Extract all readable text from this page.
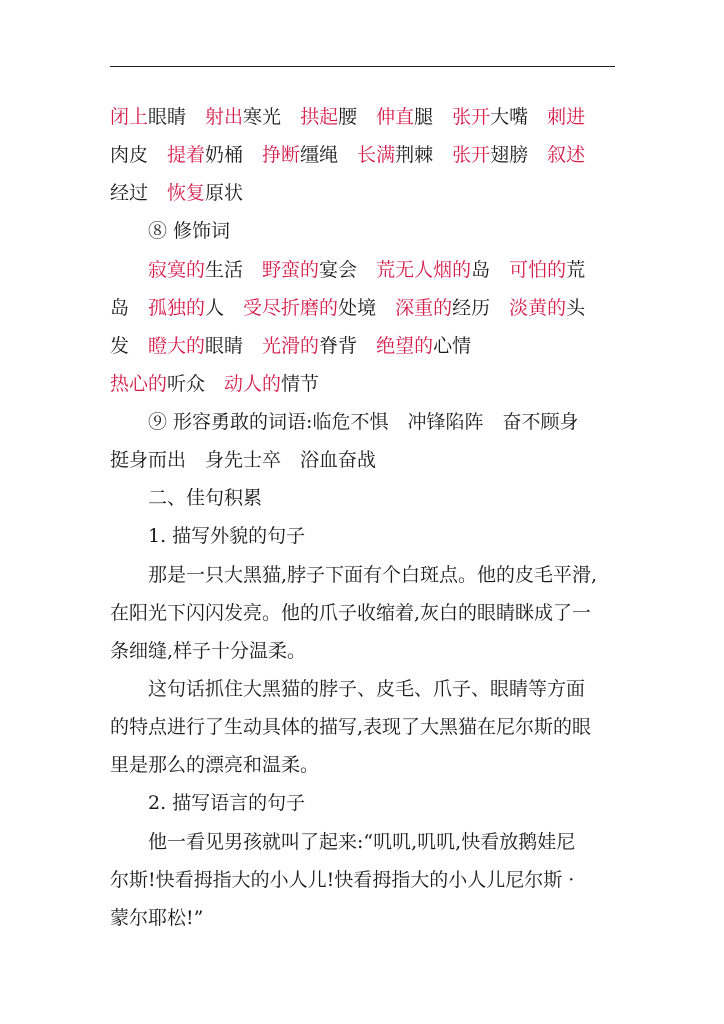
闭上眼睛 射出寒光 拱起腰 伸直腿 张开大嘴 刺进
肉皮 提着奶桶 挣断缰绳 长满荆棘 张开翅膀 叙述
经过 恢复原状
⑧ 修饰词
寂寞的生活 野蛮的宴会 荒无人烟的岛 可怕的荒
岛 孤独的人 受尽折磨的处境 深重的经历 淡黄的头
发 瞪大的眼睛 光滑的脊背 绝望的心情
热心的听众 动人的情节
⑨ 形容勇敢的词语:临危不惧　冲锋陷阵　奋不顾身
挺身而出　身先士卒　浴血奋战
二、佳句积累
1. 描写外貌的句子
那是一只大黑猫,脖子下面有个白斑点。他的皮毛平滑,
在阳光下闪闪发亮。他的爪子收缩着,灰白的眼睛眯成了一
条细缝,样子十分温柔。
这句话抓住大黑猫的脖子、皮毛、爪子、眼睛等方面
的特点进行了生动具体的描写,表现了大黑猫在尼尔斯的眼
里是那么的漂亮和温柔。
2. 描写语言的句子
他一看见男孩就叫了起来:“叽叽,叽叽,快看放鹅娃尼
尔斯!快看拇指大的小人儿!快看拇指大的小人儿尼尔斯 ·
蒙尔耶松!”
